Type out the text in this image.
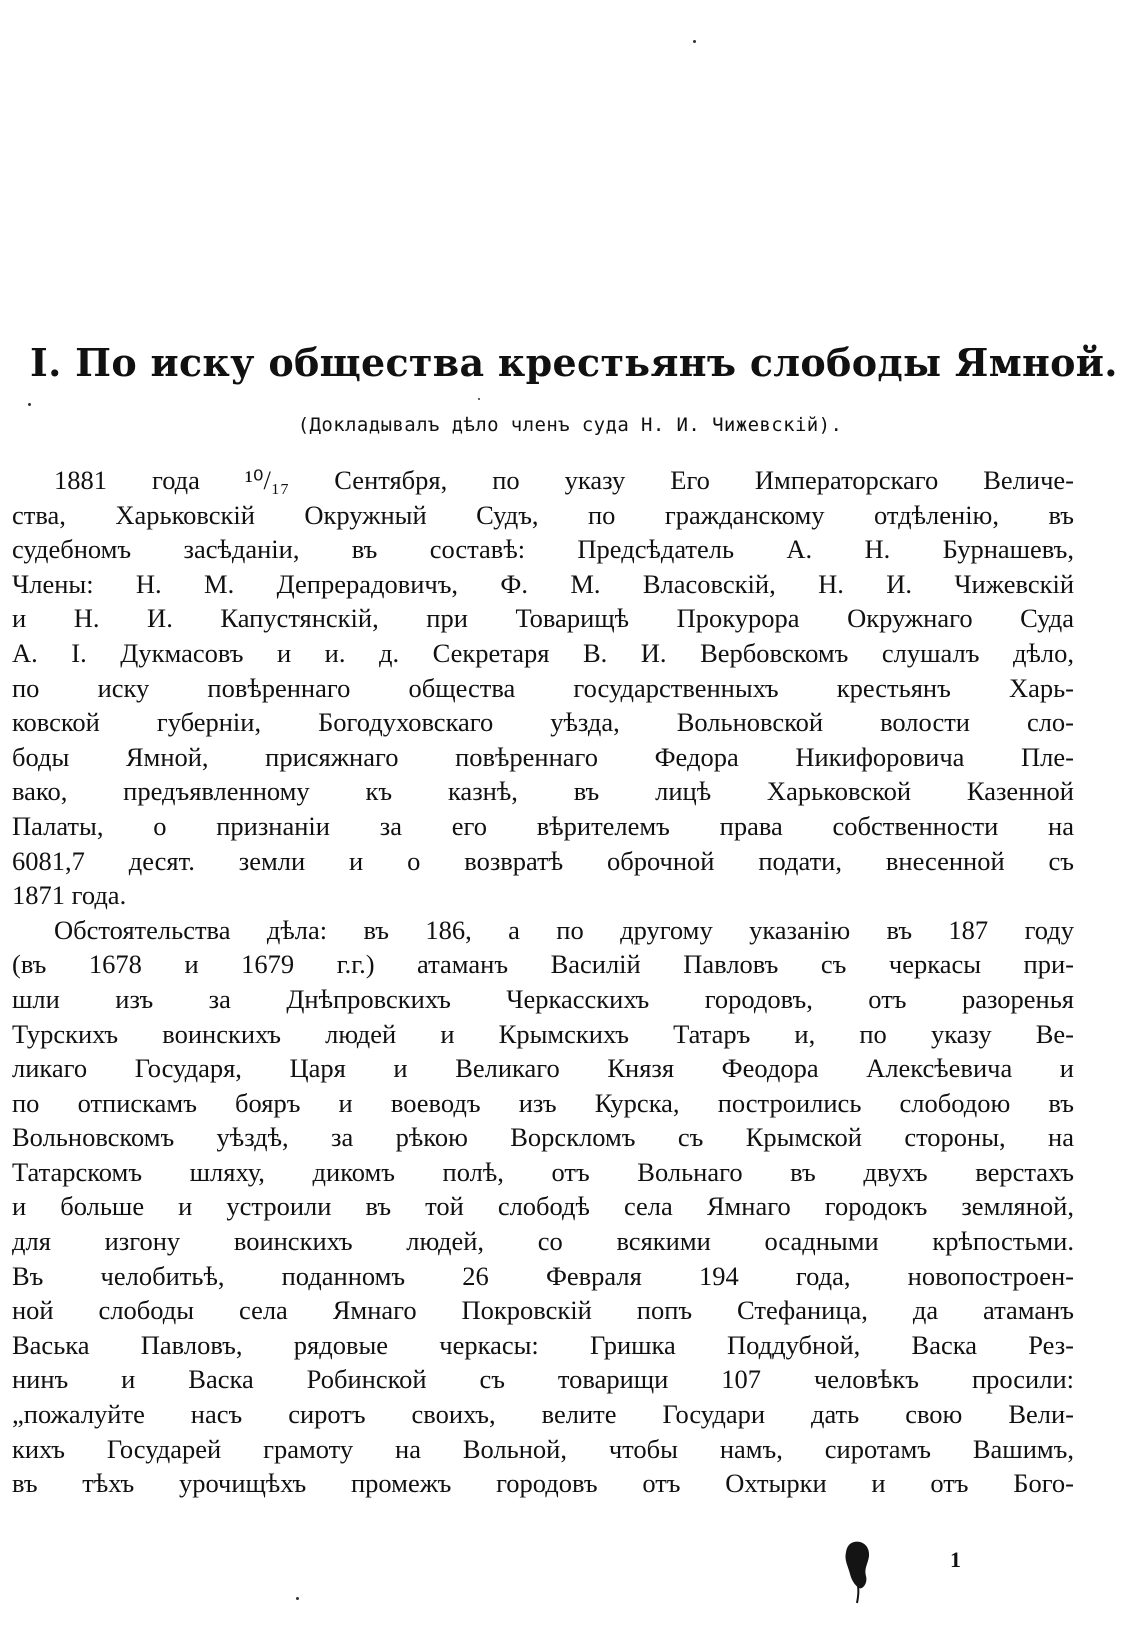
I. По иску общества крестьянъ слободы Ямной.

(Докладывалъ дѣло членъ суда Н. И. Чижевскій).

1881 года ¹⁰/₁₇ Сентября, по указу Его Императорскаго Величе-
ства, Харьковскій Окружный Судъ, по гражданскому отдѣленію, въ
судебномъ засѣданіи, въ составѣ: Предсѣдатель А. Н. Бурнашевъ,
Члены: Н. М. Депрерадовичъ, Ф. М. Власовскій, Н. И. Чижевскій
и Н. И. Капустянскій, при Товарищѣ Прокурора Окружнаго Суда
А. І. Дукмасовъ и и. д. Секретаря В. И. Вербовскомъ слушалъ дѣло,
по иску повѣреннаго общества государственныхъ крестьянъ Харь-
ковской губерніи, Богодуховскаго уѣзда, Вольновской волости сло-
боды Ямной, присяжнаго повѣреннаго Федора Никифоровича Пле-
вако, предъявленному къ казнѣ, въ лицѣ Харьковской Казенной
Палаты, о признаніи за его вѣрителемъ права собственности на
6081,7 десят. земли и о возвратѣ оброчной подати, внесенной съ
1871 года.
Обстоятельства дѣла: въ 186, а по другому указанію въ 187 году
(въ 1678 и 1679 г.г.) атаманъ Василій Павловъ съ черкасы при-
шли изъ за Днѣпровскихъ Черкасскихъ городовъ, отъ разоренья
Турскихъ воинскихъ людей и Крымскихъ Татаръ и, по указу Ве-
ликаго Государя, Царя и Великаго Князя Феодора Алексѣевича и
по отпискамъ бояръ и воеводъ изъ Курска, построились слободою въ
Вольновскомъ уѣздѣ, за рѣкою Ворскломъ съ Крымской стороны, на
Татарскомъ шляху, дикомъ полѣ, отъ Вольнаго въ двухъ верстахъ
и больше и устроили въ той слободѣ села Ямнаго городокъ земляной,
для изгону воинскихъ людей, со всякими осадными крѣпостьми.
Въ челобитьѣ, поданномъ 26 Февраля 194 года, новопостроен-
ной слободы села Ямнаго Покровскій попъ Стефаница, да атаманъ
Васька Павловъ, рядовые черкасы: Гришка Поддубной, Васка Рез-
нинъ и Васка Робинской съ товарищи 107 человѣкъ просили:
„пожалуйте насъ сиротъ своихъ, велите Государи дать свою Вели-
кихъ Государей грамоту на Вольной, чтобы намъ, сиротамъ Вашимъ,
въ тѣхъ урочищѣхъ промежъ городовъ отъ Охтырки и отъ Бого-
1
